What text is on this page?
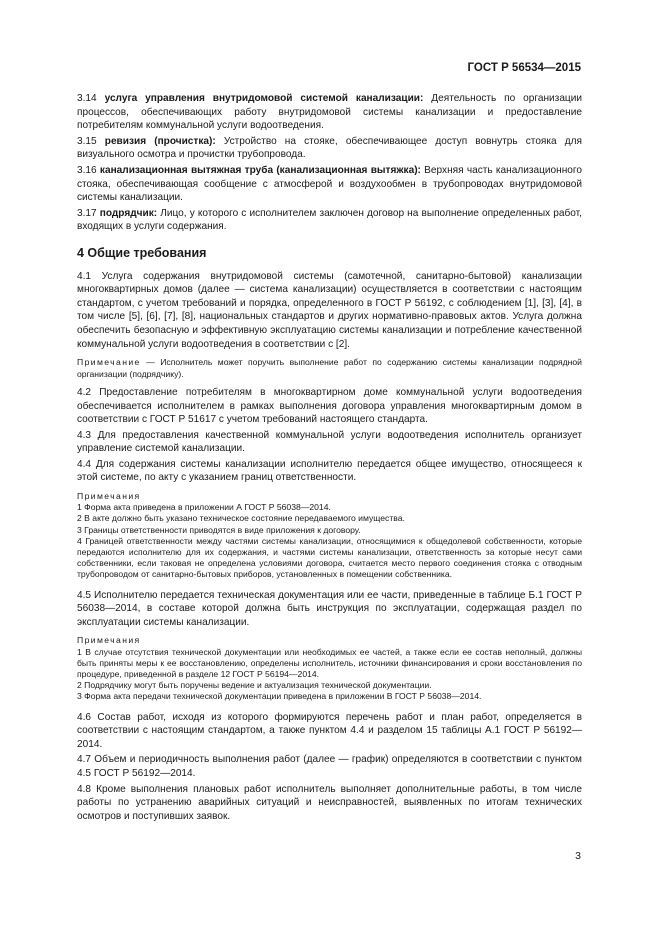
ГОСТ Р 56534—2015

3.14 услуга управления внутридомовой системой канализации: Деятельность по организации процессов, обеспечивающих работу внутридомовой системы канализации и предоставление потребителям коммунальной услуги водоотведения.

3.15 ревизия (прочистка): Устройство на стояке, обеспечивающее доступ вовнутрь стояка для визуального осмотра и прочистки трубопровода.

3.16 канализационная вытяжная труба (канализационная вытяжка): Верхняя часть канализационного стояка, обеспечивающая сообщение с атмосферой и воздухообмен в трубопроводах внутридомовой системы канализации.

3.17 подрядчик: Лицо, у которого с исполнителем заключен договор на выполнение определенных работ, входящих в услуги содержания.

4 Общие требования

4.1 Услуга содержания внутридомовой системы (самотечной, санитарно-бытовой) канализации многоквартирных домов (далее — система канализации) осуществляется в соответствии с настоящим стандартом, с учетом требований и порядка, определенного в ГОСТ Р 56192, с соблюдением [1], [3], [4], в том числе [5], [6], [7], [8], национальных стандартов и других нормативно-правовых актов. Услуга должна обеспечить безопасную и эффективную эксплуатацию системы канализации и потребление качественной коммунальной услуги водоотведения в соответствии с [2].

Примечание — Исполнитель может поручить выполнение работ по содержанию системы канализации подрядной организации (подрядчику).

4.2 Предоставление потребителям в многоквартирном доме коммунальной услуги водоотведения обеспечивается исполнителем в рамках выполнения договора управления многоквартирным домом в соответствии с ГОСТ Р 51617 с учетом требований настоящего стандарта.

4.3 Для предоставления качественной коммунальной услуги водоотведения исполнитель организует управление системой канализации.

4.4 Для содержания системы канализации исполнителю передается общее имущество, относящееся к этой системе, по акту с указанием границ ответственности.

Примечания
1 Форма акта приведена в приложении А ГОСТ Р 56038—2014.
2 В акте должно быть указано техническое состояние передаваемого имущества.
3 Границы ответственности приводятся в виде приложения к договору.
4 Границей ответственности между частями системы канализации, относящимися к общедолевой собственности, которые передаются исполнителю для их содержания, и частями системы канализации, ответственность за которые несут сами собственники, если таковая не определена условиями договора, считается место первого соединения стояка с отводным трубопроводом от санитарно-бытовых приборов, установленных в помещении собственника.

4.5 Исполнителю передается техническая документация или ее части, приведенные в таблице Б.1 ГОСТ Р 56038—2014, в составе которой должна быть инструкция по эксплуатации, содержащая раздел по эксплуатации системы канализации.

Примечания
1 В случае отсутствия технической документации или необходимых ее частей, а также если ее состав неполный, должны быть приняты меры к ее восстановлению, определены исполнитель, источники финансирования и сроки восстановления по процедуре, приведенной в разделе 12 ГОСТ Р 56194—2014.
2 Подрядчику могут быть поручены ведение и актуализация технической документации.
3 Форма акта передачи технической документации приведена в приложении В ГОСТ Р 56038—2014.

4.6 Состав работ, исходя из которого формируются перечень работ и план работ, определяется в соответствии с настоящим стандартом, а также пунктом 4.4 и разделом 15 таблицы А.1 ГОСТ Р 56192—2014.

4.7 Объем и периодичность выполнения работ (далее — график) определяются в соответствии с пунктом 4.5 ГОСТ Р 56192—2014.

4.8 Кроме выполнения плановых работ исполнитель выполняет дополнительные работы, в том числе работы по устранению аварийных ситуаций и неисправностей, выявленных по итогам технических осмотров и поступивших заявок.

3
